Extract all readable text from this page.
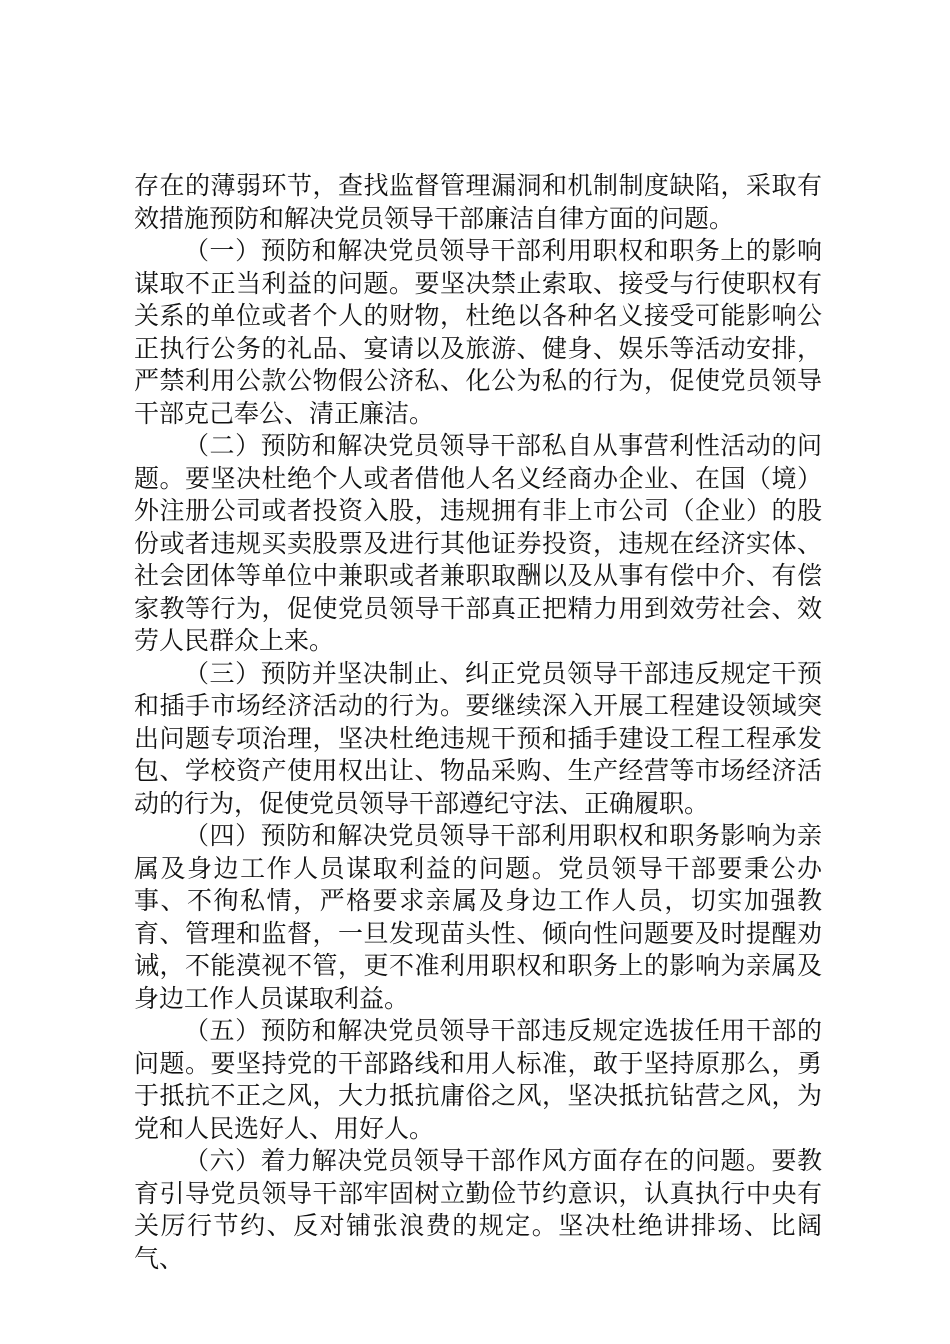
存在的薄弱环节，查找监督管理漏洞和机制制度缺陷，采取有效措施预防和解决党员领导干部廉洁自律方面的问题。

（一）预防和解决党员领导干部利用职权和职务上的影响谋取不正当利益的问题。要坚决禁止索取、接受与行使职权有关系的单位或者个人的财物，杜绝以各种名义接受可能影响公正执行公务的礼品、宴请以及旅游、健身、娱乐等活动安排，严禁利用公款公物假公济私、化公为私的行为，促使党员领导干部克己奉公、清正廉洁。

（二）预防和解决党员领导干部私自从事营利性活动的问题。要坚决杜绝个人或者借他人名义经商办企业、在国（境）外注册公司或者投资入股，违规拥有非上市公司（企业）的股份或者违规买卖股票及进行其他证券投资，违规在经济实体、社会团体等单位中兼职或者兼职取酬以及从事有偿中介、有偿家教等行为，促使党员领导干部真正把精力用到效劳社会、效劳人民群众上来。

（三）预防并坚决制止、纠正党员领导干部违反规定干预和插手市场经济活动的行为。要继续深入开展工程建设领域突出问题专项治理，坚决杜绝违规干预和插手建设工程工程承发包、学校资产使用权出让、物品采购、生产经营等市场经济活动的行为，促使党员领导干部遵纪守法、正确履职。

（四）预防和解决党员领导干部利用职权和职务影响为亲属及身边工作人员谋取利益的问题。党员领导干部要秉公办事、不徇私情，严格要求亲属及身边工作人员，切实加强教育、管理和监督，一旦发现苗头性、倾向性问题要及时提醒劝诫，不能漠视不管，更不准利用职权和职务上的影响为亲属及身边工作人员谋取利益。

（五）预防和解决党员领导干部违反规定选拔任用干部的问题。要坚持党的干部路线和用人标准，敢于坚持原那么，勇于抵抗不正之风，大力抵抗庸俗之风，坚决抵抗钻营之风，为党和人民选好人、用好人。

（六）着力解决党员领导干部作风方面存在的问题。要教育引导党员领导干部牢固树立勤俭节约意识，认真执行中央有关厉行节约、反对铺张浪费的规定。坚决杜绝讲排场、比阔气、
